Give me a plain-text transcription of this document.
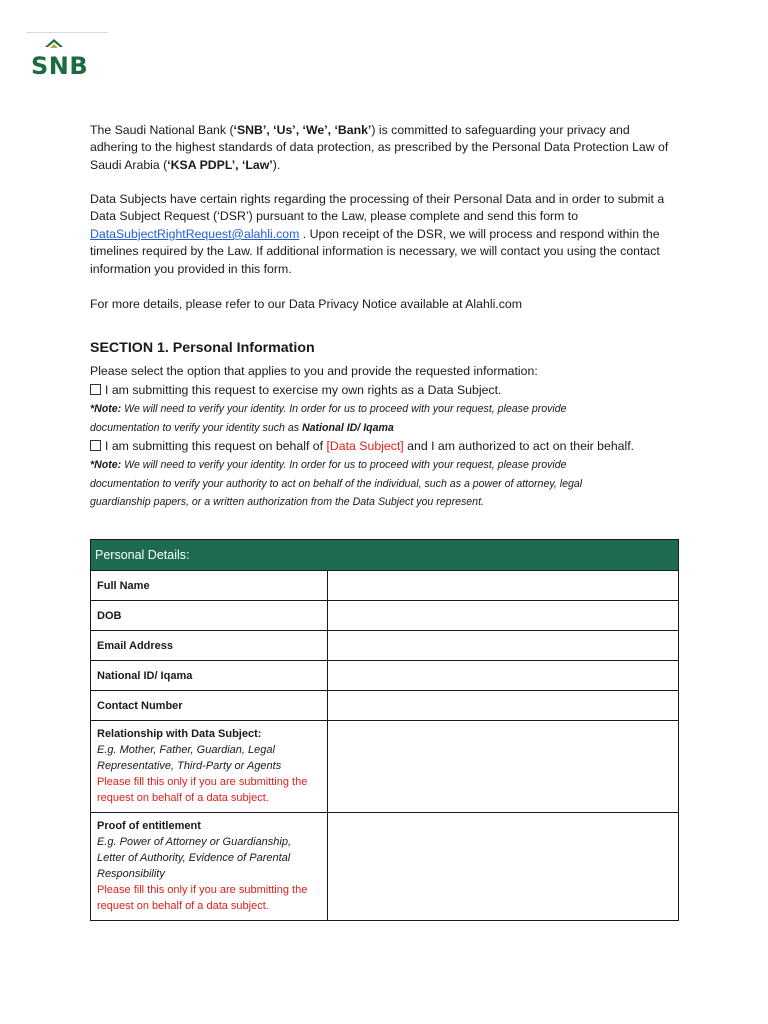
SNB

The Saudi National Bank (‘SNB’, ‘Us’, ‘We’, ‘Bank’) is committed to safeguarding your privacy and adhering to the highest standards of data protection, as prescribed by the Personal Data Protection Law of Saudi Arabia (‘KSA PDPL’, ‘Law’).

Data Subjects have certain rights regarding the processing of their Personal Data and in order to submit a Data Subject Request (‘DSR’) pursuant to the Law, please complete and send this form to DataSubjectRightRequest@alahli.com . Upon receipt of the DSR, we will process and respond within the timelines required by the Law. If additional information is necessary, we will contact you using the contact information you provided in this form.

For more details, please refer to our Data Privacy Notice available at Alahli.com

SECTION 1. Personal Information
Please select the option that applies to you and provide the requested information:
I am submitting this request to exercise my own rights as a Data Subject.
*Note: We will need to verify your identity. In order for us to proceed with your request, please provide
documentation to verify your identity such as National ID/ Iqama
I am submitting this request on behalf of [Data Subject] and I am authorized to act on their behalf.
*Note: We will need to verify your identity. In order for us to proceed with your request, please provide
documentation to verify your authority to act on behalf of the individual, such as a power of attorney, legal
guardianship papers, or a written authorization from the Data Subject you represent.
Personal Details:	
Full Name	
DOB	
Email Address	
National ID/ Iqama	
Contact Number	

Relationship with Data Subject:
E.g. Mother, Father, Guardian, Legal Representative, Third-Party or Agents
Please fill this only if you are submitting the request on behalf of a data subject.	

Proof of entitlement
E.g. Power of Attorney or Guardianship, Letter of Authority, Evidence of Parental Responsibility
Please fill this only if you are submitting the request on behalf of a data subject.	
